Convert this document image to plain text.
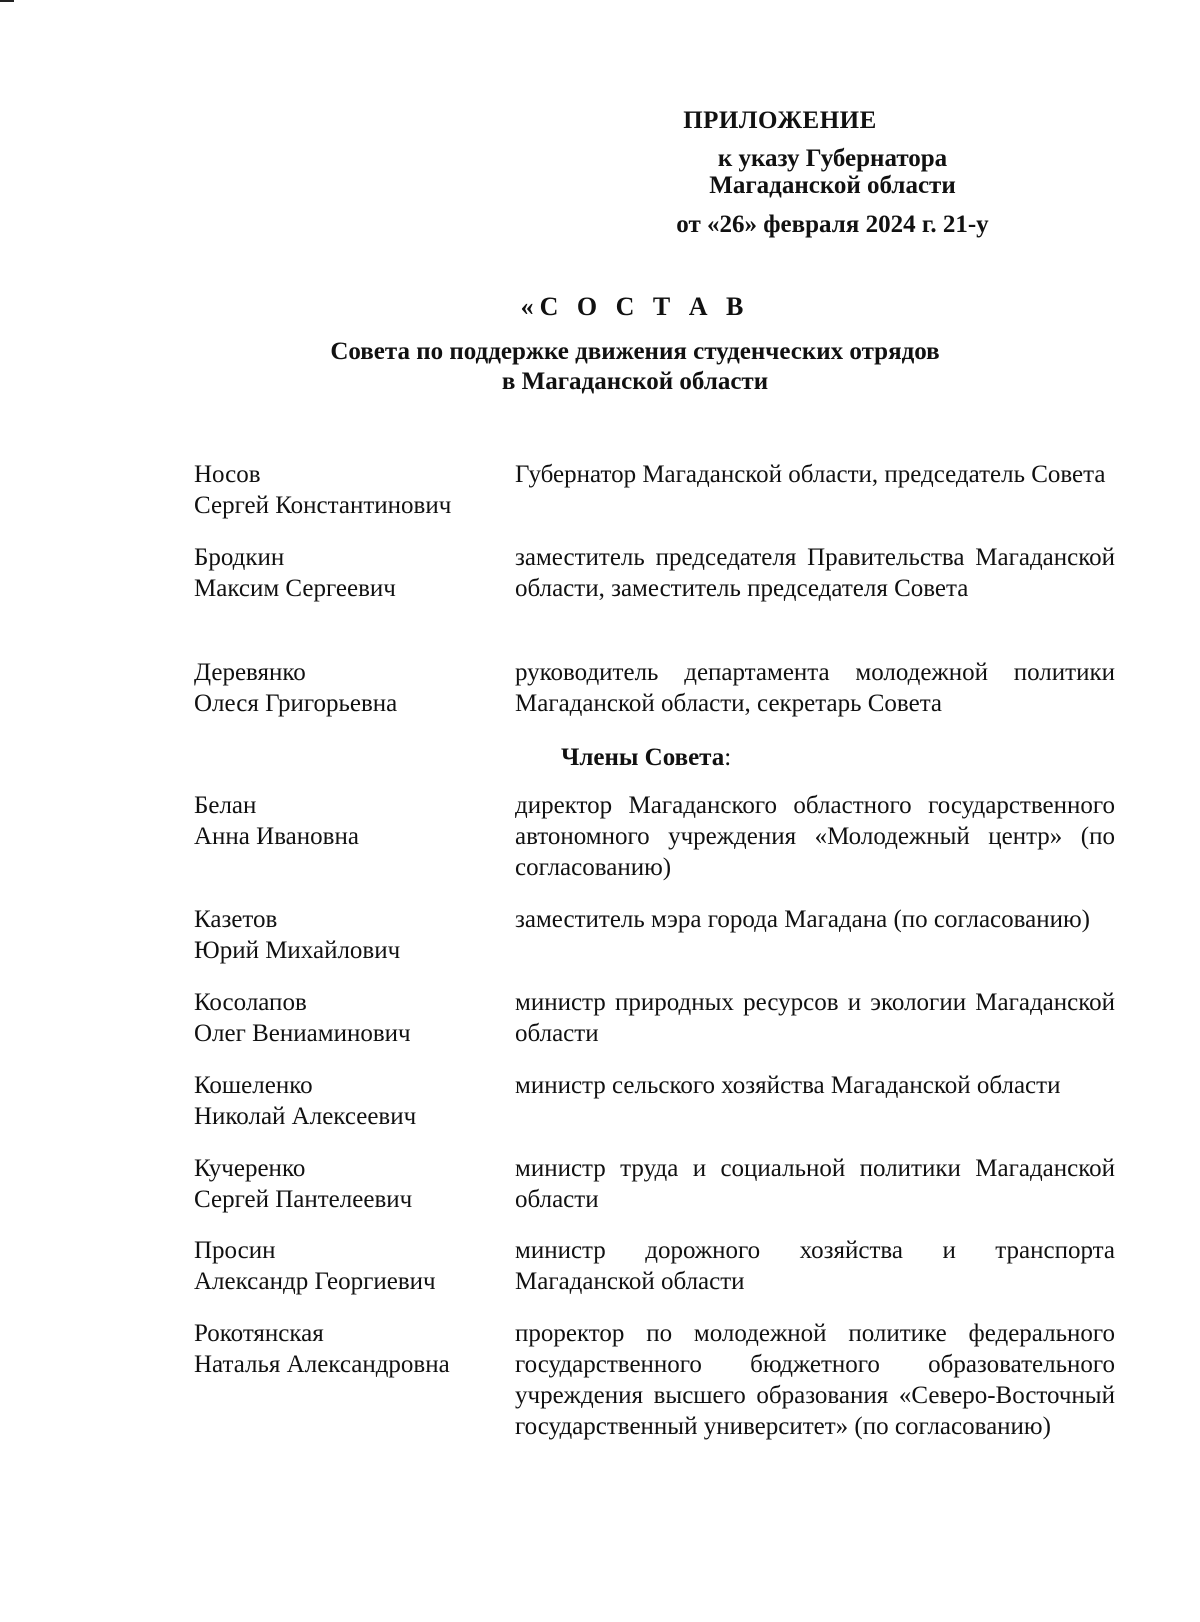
ПРИЛОЖЕНИЕ
к указу Губернатора
Магаданской области
от «26» февраля 2024 г. 21-у
«С О С Т А В
Совета по поддержке движения студенческих отрядов
в Магаданской области
Носов
Сергей Константинович
Губернатор Магаданской области, председатель Совета
Бродкин
Максим Сергеевич
заместитель председателя Правительства Магаданской области, заместитель председателя Совета
Деревянко
Олеся Григорьевна
руководитель департамента молодежной политики Магаданской области, секретарь Совета
Члены Совета:
Белан
Анна Ивановна
директор Магаданского областного государственного автономного учреждения «Молодежный центр» (по согласованию)
Казетов
Юрий Михайлович
заместитель мэра города Магадана (по согласованию)
Косолапов
Олег Вениаминович
министр природных ресурсов и экологии Магаданской области
Кошеленко
Николай Алексеевич
министр сельского хозяйства Магаданской области
Кучеренко
Сергей Пантелеевич
министр труда и социальной политики Магаданской области
Просин
Александр Георгиевич
министр дорожного хозяйства и транспорта Магаданской области
Рокотянская
Наталья Александровна
проректор по молодежной политике федерального государственного бюджетного образовательного учреждения высшего образования «Северо-Восточный государственный университет» (по согласованию)
